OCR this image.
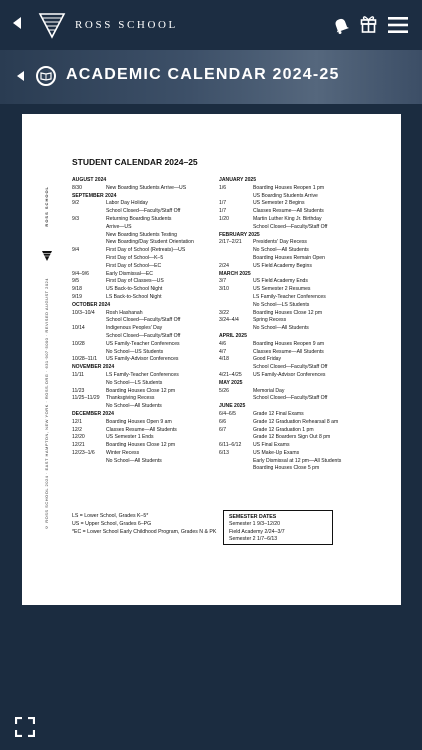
ROSS SCHOOL
ACADEMIC CALENDAR 2024-25
ROSS SCHOOL
© ROSS SCHOOL 2024 · EAST HAMPTON, NEW YORK · ROSS.ORG · 631·907·5000 · REVISED AUGUST 2024
STUDENT CALENDAR 2024–25
AUGUST 2024
8/30	New Boarding Students Arrive—US
SEPTEMBER 2024
9/2	Labor Day Holiday
School Closed—Faculty/Staff Off
9/3	Returning Boarding Students
Arrive—US
New Boarding Students Testing
New Boarding/Day Student Orientation
9/4	First Day of School (Retreats)—US
First Day of School—K–5
First Day of School—EC
9/4–9/6	Early Dismissal—EC
9/5	First Day of Classes—US
9/18	US Back-to-School Night
9/19	LS Back-to-School Night
OCTOBER 2024
10/3–10/4	Rosh Hashanah
School Closed—Faculty/Staff Off
10/14	Indigenous Peoples' Day
School Closed—Faculty/Staff Off
10/28	US Family-Teacher Conferences
No School—US Students
10/28–11/1	US Family-Advisor Conferences
NOVEMBER 2024
11/11	LS Family-Teacher Conferences
No School—LS Students
11/23	Boarding Houses Close 12 pm
11/25–11/29	Thanksgiving Recess
No School—All Students
DECEMBER 2024
12/1	Boarding Houses Open 9 am
12/2	Classes Resume—All Students
12/20	US Semester 1 Ends
12/21	Boarding Houses Close 12 pm
12/23–1/6	Winter Recess
No School—All Students
JANUARY 2025
1/6	Boarding Houses Reopen 1 pm
US Boarding Students Arrive
1/7	US Semester 2 Begins
1/7	Classes Resume—All Students
1/20	Martin Luther King Jr. Birthday
School Closed—Faculty/Staff Off
FEBRUARY 2025
2/17–2/21	Presidents' Day Recess
No School—All Students
Boarding Houses Remain Open
2/24	US Field Academy Begins
MARCH 2025
3/7	US Field Academy Ends
3/10	US Semester 2 Resumes
LS Family-Teacher Conferences
No School—LS Students
3/22	Boarding Houses Close 12 pm
3/24–4/4	Spring Recess
No School—All Students
APRIL 2025
4/6	Boarding Houses Reopen 9 am
4/7	Classes Resume—All Students
4/18	Good Friday
School Closed—Faculty/Staff Off
4/21–4/25	US Family-Advisor Conferences
MAY 2025
5/26	Memorial Day
School Closed—Faculty/Staff Off
JUNE 2025
6/4–6/5	Grade 12 Final Exams
6/6	Grade 12 Graduation Rehearsal 8 am
6/7	Grade 12 Graduation 1 pm
Grade 12 Boarders Sign Out 8 pm
6/11–6/12	US Final Exams
6/13	US Make-Up Exams
Early Dismissal at 12 pm—All Students
Boarding Houses Close 5 pm
LS = Lower School, Grades K–5*
US = Upper School, Grades 6–PG
*EC = Lower School Early Childhood Program, Grades N & PK
SEMESTER DATES
Semester 1 9/3–12/20
Field Academy 2/24–3/7
Semester 2 1/7–6/13
